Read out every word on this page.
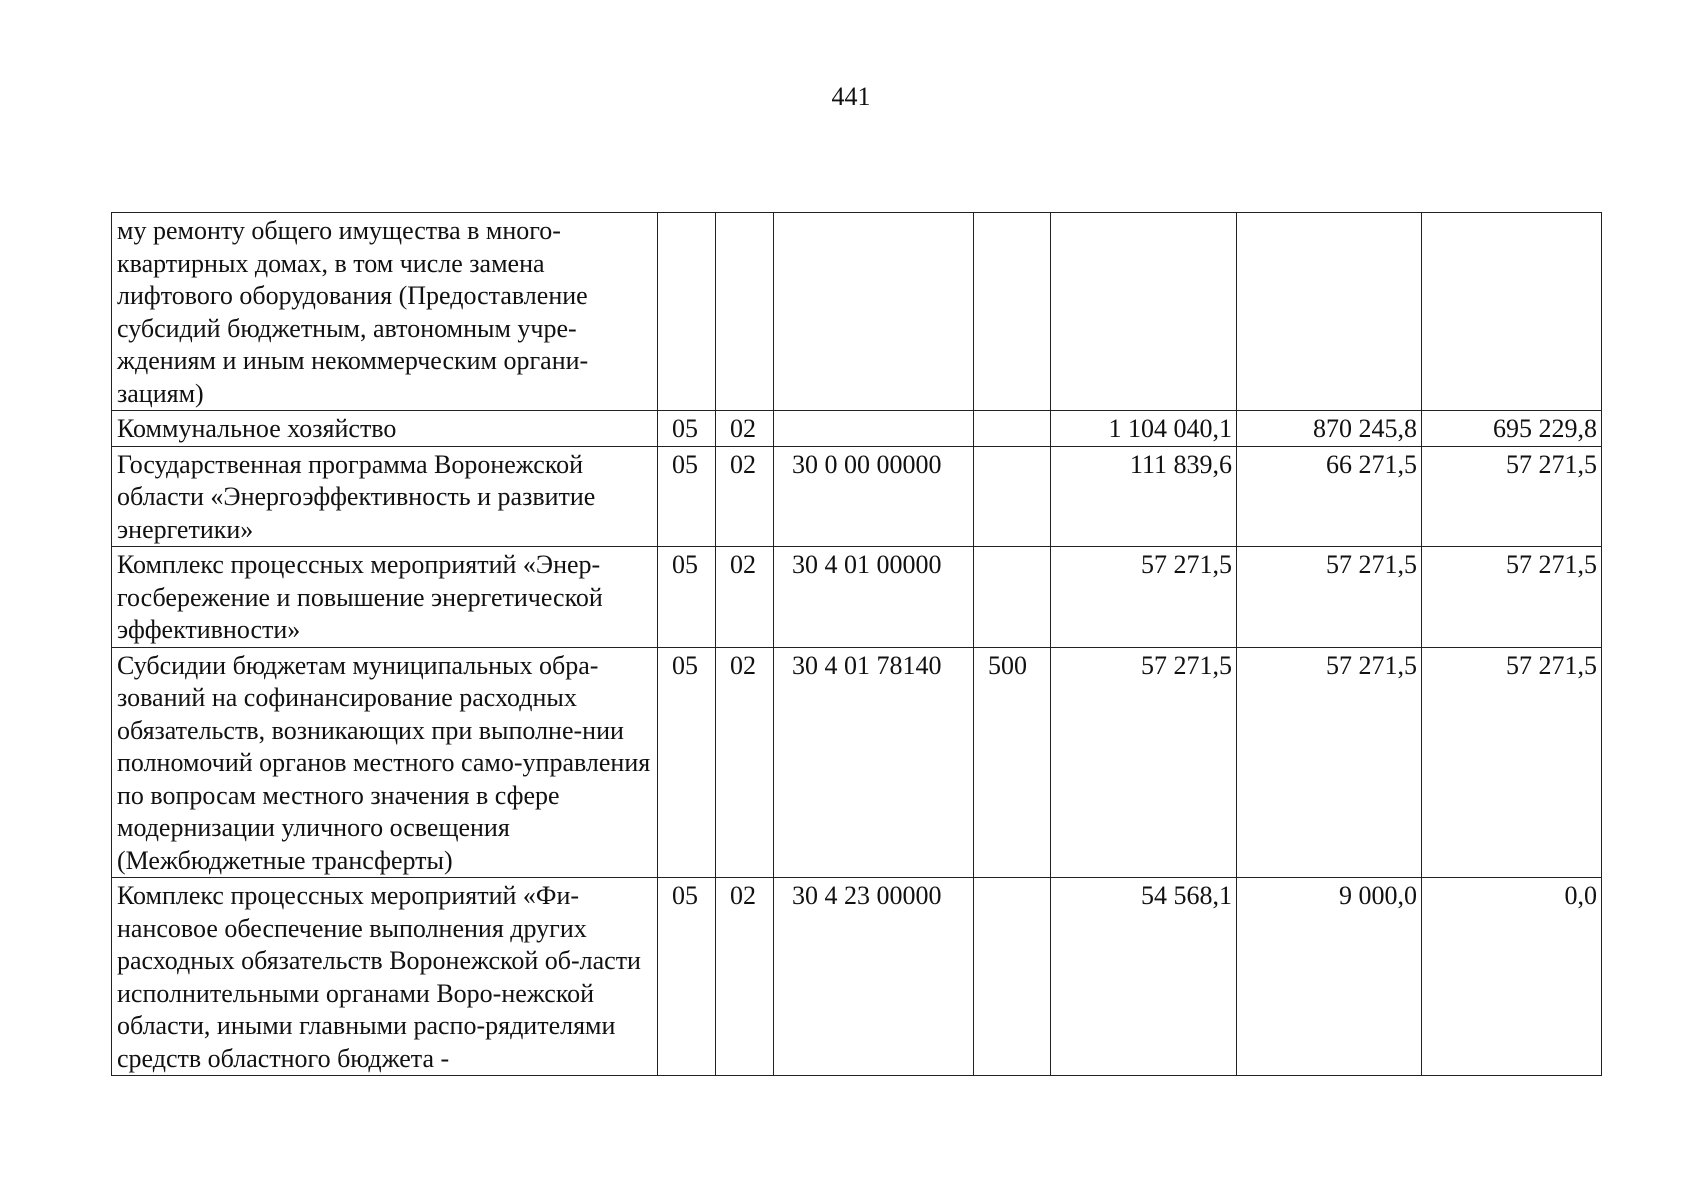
441
му ремонту общего имущества в много-квартирных домах, в том числе замена лифтового оборудования (Предоставление субсидий бюджетным, автономным учре-ждениям и иным некоммерческим органи-зациям)							
Коммунальное хозяйство	05	02			1 104 040,1	870 245,8	695 229,8
Государственная программа Воронежской области «Энергоэффективность и развитие энергетики»	05	02	30 0 00 00000		111 839,6	66 271,5	57 271,5
Комплекс процессных мероприятий «Энер-госбережение и повышение энергетической эффективности»	05	02	30 4 01 00000		57 271,5	57 271,5	57 271,5
Субсидии бюджетам муниципальных обра-зований на софинансирование расходных обязательств, возникающих при выполне-нии полномочий органов местного само-управления по вопросам местного значения в сфере модернизации уличного освещения (Межбюджетные трансферты)	05	02	30 4 01 78140	500	57 271,5	57 271,5	57 271,5
Комплекс процессных мероприятий «Фи-нансовое обеспечение выполнения других расходных обязательств Воронежской об-ласти исполнительными органами Воро-нежской области, иными главными распо-рядителями средств областного бюджета -	05	02	30 4 23 00000		54 568,1	9 000,0	0,0
